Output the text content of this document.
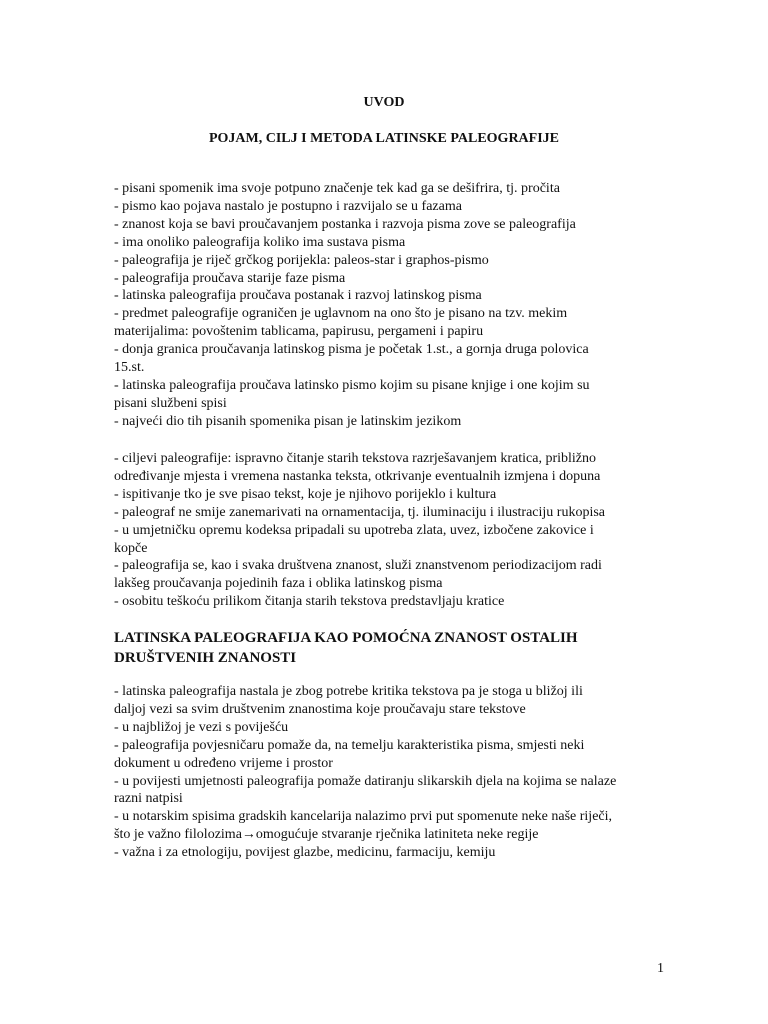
UVOD
POJAM, CILJ I METODA LATINSKE PALEOGRAFIJE
- pisani spomenik ima svoje potpuno značenje tek kad ga se dešifrira, tj. pročita
- pismo kao pojava nastalo je postupno i razvijalo se u fazama
- znanost koja se bavi proučavanjem postanka i razvoja pisma zove se paleografija
- ima onoliko paleografija koliko ima sustava pisma
- paleografija je riječ grčkog porijekla: paleos-star i graphos-pismo
- paleografija proučava starije faze pisma
- latinska paleografija proučava postanak i razvoj latinskog pisma
- predmet paleografije ograničen je uglavnom na ono što je pisano na tzv. mekim
materijalima: povoštenim tablicama, papirusu, pergameni i papiru
- donja granica proučavanja latinskog pisma je početak 1.st., a gornja druga polovica
15.st.
- latinska paleografija proučava latinsko pismo kojim su pisane knjige i one kojim su
pisani službeni spisi
- najveći dio tih pisanih spomenika pisan je latinskim jezikom
- ciljevi paleografije: ispravno čitanje starih tekstova razrješavanjem kratica, približno
određivanje mjesta i vremena nastanka teksta, otkrivanje eventualnih izmjena i dopuna
- ispitivanje tko je sve pisao tekst, koje je njihovo porijeklo i kultura
- paleograf ne smije zanemarivati na ornamentacija, tj. iluminaciju i ilustraciju rukopisa
- u umjetničku opremu kodeksa pripadali su upotreba zlata, uvez, izbočene zakovice i
kopče
- paleografija se, kao i svaka društvena znanost, služi znanstvenom periodizacijom radi
lakšeg proučavanja pojedinih faza i oblika latinskog pisma
- osobitu teškoću prilikom čitanja starih tekstova predstavljaju kratice
LATINSKA PALEOGRAFIJA KAO POMOĆNA ZNANOST OSTALIH
DRUŠTVENIH ZNANOSTI
- latinska paleografija nastala je zbog potrebe kritika tekstova pa je stoga u bližoj ili
daljoj vezi sa svim društvenim znanostima koje proučavaju stare tekstove
- u najbližoj je vezi s poviješću
- paleografija povjesničaru pomaže da, na temelju karakteristika pisma, smjesti neki
dokument u određeno vrijeme i prostor
- u povijesti umjetnosti paleografija pomaže datiranju slikarskih djela na kojima se nalaze
razni natpisi
- u notarskim spisima gradskih kancelarija nalazimo prvi put spomenute neke naše riječi,
što je važno filolozima→omogućuje stvaranje rječnika latiniteta neke regije
- važna i za etnologiju, povijest glazbe, medicinu, farmaciju, kemiju
1
